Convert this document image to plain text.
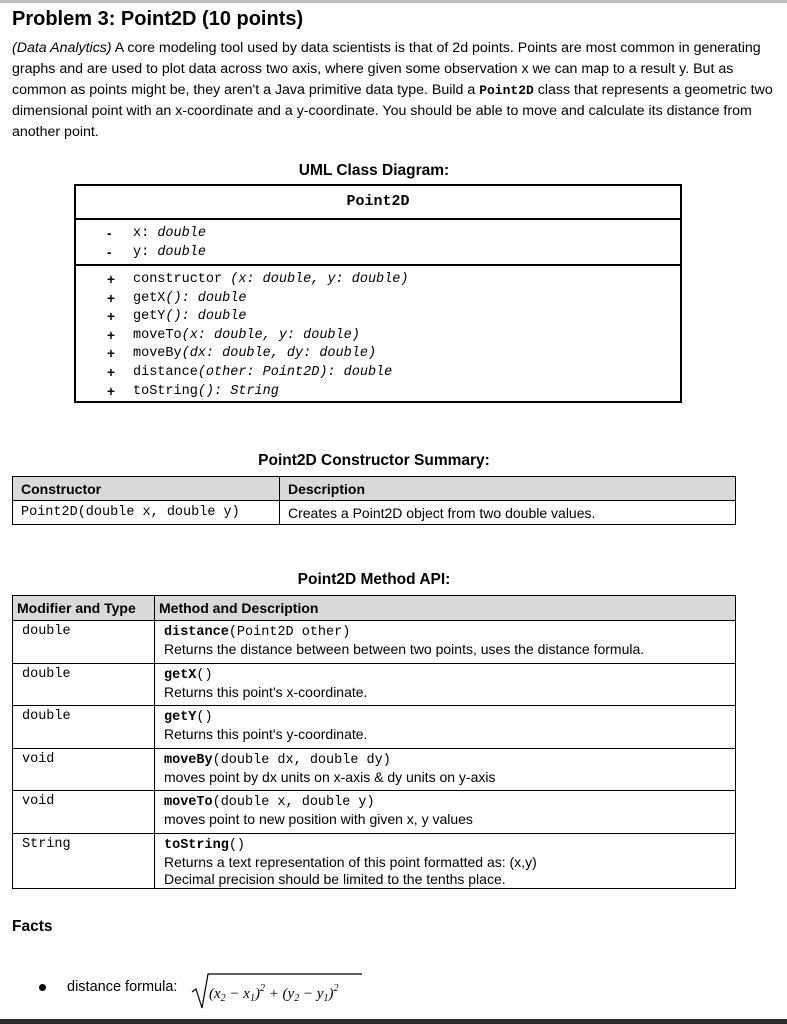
Problem 3: Point2D (10 points)
(Data Analytics) A core modeling tool used by data scientists is that of 2d points. Points are most common in generating graphs and are used to plot data across two axis, where given some observation x we can map to a result y. But as common as points might be, they aren't a Java primitive data type. Build a Point2D class that represents a geometric two dimensional point with an x-coordinate and a y-coordinate. You should be able to move and calculate its distance from another point.
UML Class Diagram:
Point2D
- x: double
- y: double
+ constructor (x: double, y: double)
+ getX(): double
+ getY(): double
+ moveTo(x: double, y: double)
+ moveBy(dx: double, dy: double)
+ distance(other: Point2D): double
+ toString(): String
Point2D Constructor Summary:
Constructor	Description
Point2D(double x, double y)	Creates a Point2D object from two double values.
Point2D Method API:
Modifier and Type	Method and Description
double	distance(Point2D other)
Returns the distance between between two points, uses the distance formula.

double	getX()
Returns this point's x-coordinate.

double	getY()
Returns this point's y-coordinate.

void	moveBy(double dx, double dy)
moves point by dx units on x-axis & dy units on y-axis

void	moveTo(double x, double y)
moves point to new position with given x, y values

String	toString()
Returns a text representation of this point formatted as: (x,y)
Decimal precision should be limited to the tenths place.
Facts
distance formula: $(x_2 - x_1)^2 + (y_2 - y_1)^2$
